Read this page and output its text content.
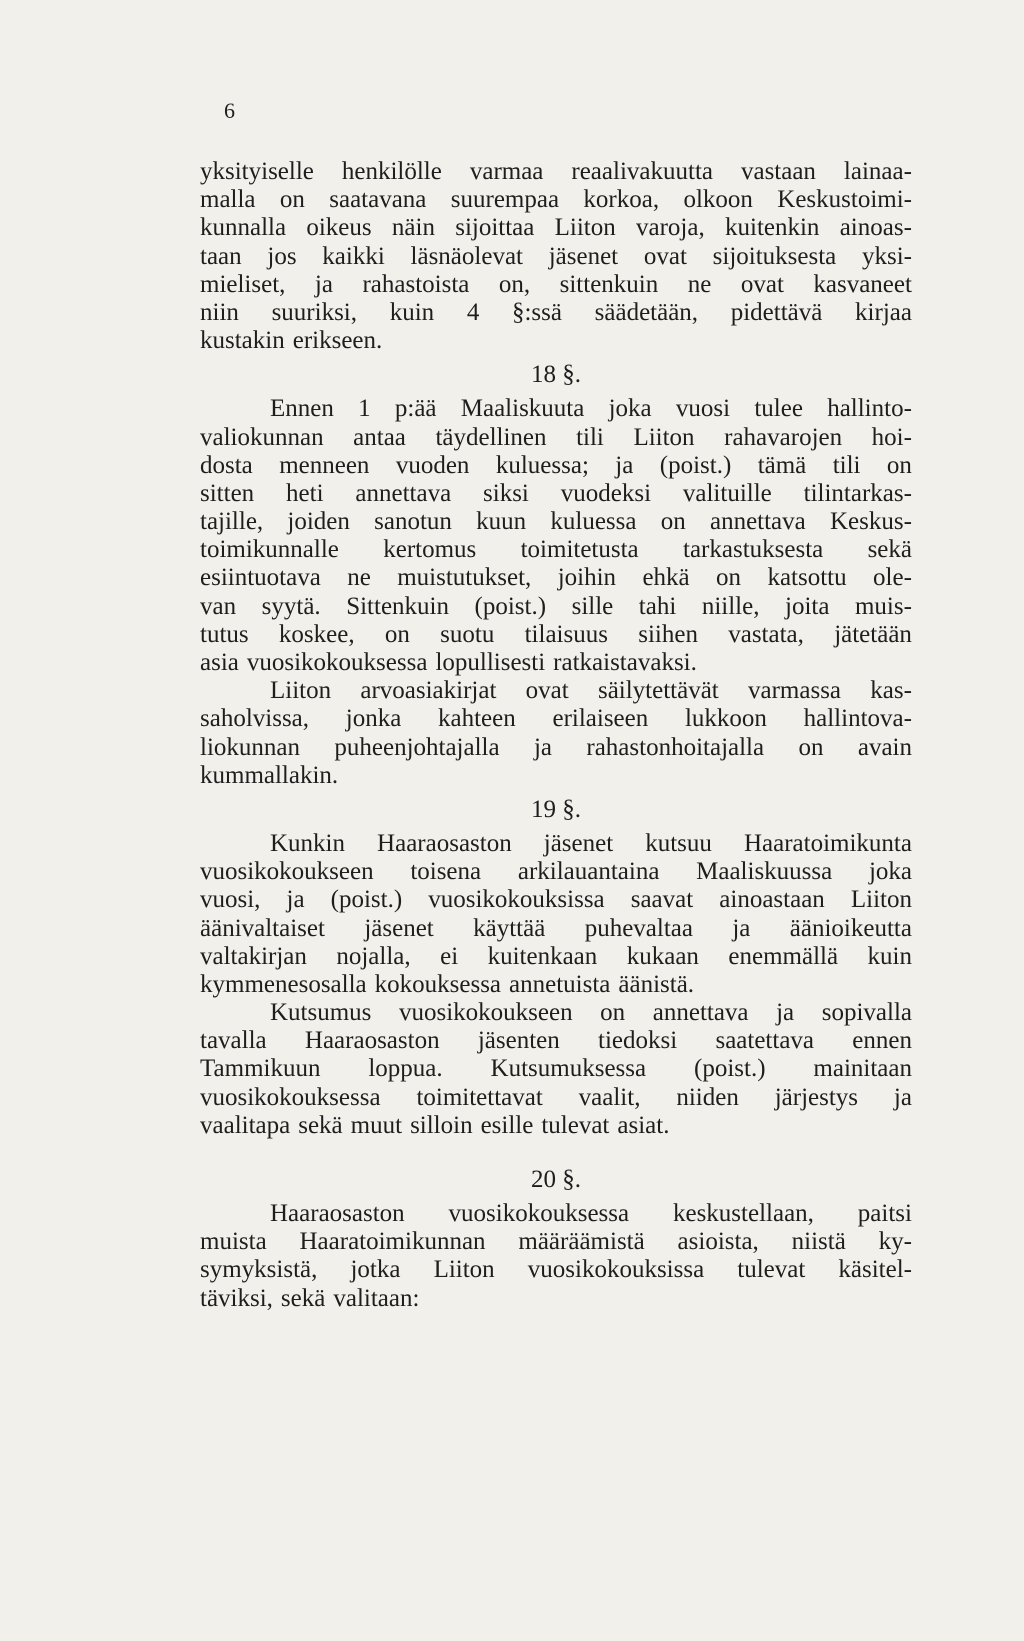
6
yksityiselle henkilölle varmaa reaalivakuutta vastaan lainaa-
malla on saatavana suurempaa korkoa, olkoon Keskustoimi-
kunnalla oikeus näin sijoittaa Liiton varoja, kuitenkin ainoas-
taan jos kaikki läsnäolevat jäsenet ovat sijoituksesta yksi-
mieliset, ja rahastoista on, sittenkuin ne ovat kasvaneet
niin suuriksi, kuin 4 §:ssä säädetään, pidettävä kirjaa
kustakin erikseen.
18 §.
Ennen 1 p:ää Maaliskuuta joka vuosi tulee hallinto-
valiokunnan antaa täydellinen tili Liiton rahavarojen hoi-
dosta menneen vuoden kuluessa; ja (poist.) tämä tili on
sitten heti annettava siksi vuodeksi valituille tilintarkas-
tajille, joiden sanotun kuun kuluessa on annettava Keskus-
toimikunnalle kertomus toimitetusta tarkastuksesta sekä
esiintuotava ne muistutukset, joihin ehkä on katsottu ole-
van syytä. Sittenkuin (poist.) sille tahi niille, joita muis-
tutus koskee, on suotu tilaisuus siihen vastata, jätetään
asia vuosikokouksessa lopullisesti ratkaistavaksi.
Liiton arvoasiakirjat ovat säilytettävät varmassa kas-
saholvissa, jonka kahteen erilaiseen lukkoon hallintova-
liokunnan puheenjohtajalla ja rahastonhoitajalla on avain
kummallakin.
19 §.
Kunkin Haaraosaston jäsenet kutsuu Haaratoimikunta
vuosikokoukseen toisena arkilauantaina Maaliskuussa joka
vuosi, ja (poist.) vuosikokouksissa saavat ainoastaan Liiton
äänivaltaiset jäsenet käyttää puhevaltaa ja äänioikeutta
valtakirjan nojalla, ei kuitenkaan kukaan enemmällä kuin
kymmenesosalla kokouksessa annetuista äänistä.
Kutsumus vuosikokoukseen on annettava ja sopivalla
tavalla Haaraosaston jäsenten tiedoksi saatettava ennen
Tammikuun loppua. Kutsumuksessa (poist.) mainitaan
vuosikokouksessa toimitettavat vaalit, niiden järjestys ja
vaalitapa sekä muut silloin esille tulevat asiat.
20 §.
Haaraosaston vuosikokouksessa keskustellaan, paitsi
muista Haaratoimikunnan määräämistä asioista, niistä ky-
symyksistä, jotka Liiton vuosikokouksissa tulevat käsitel-
täviksi, sekä valitaan:
